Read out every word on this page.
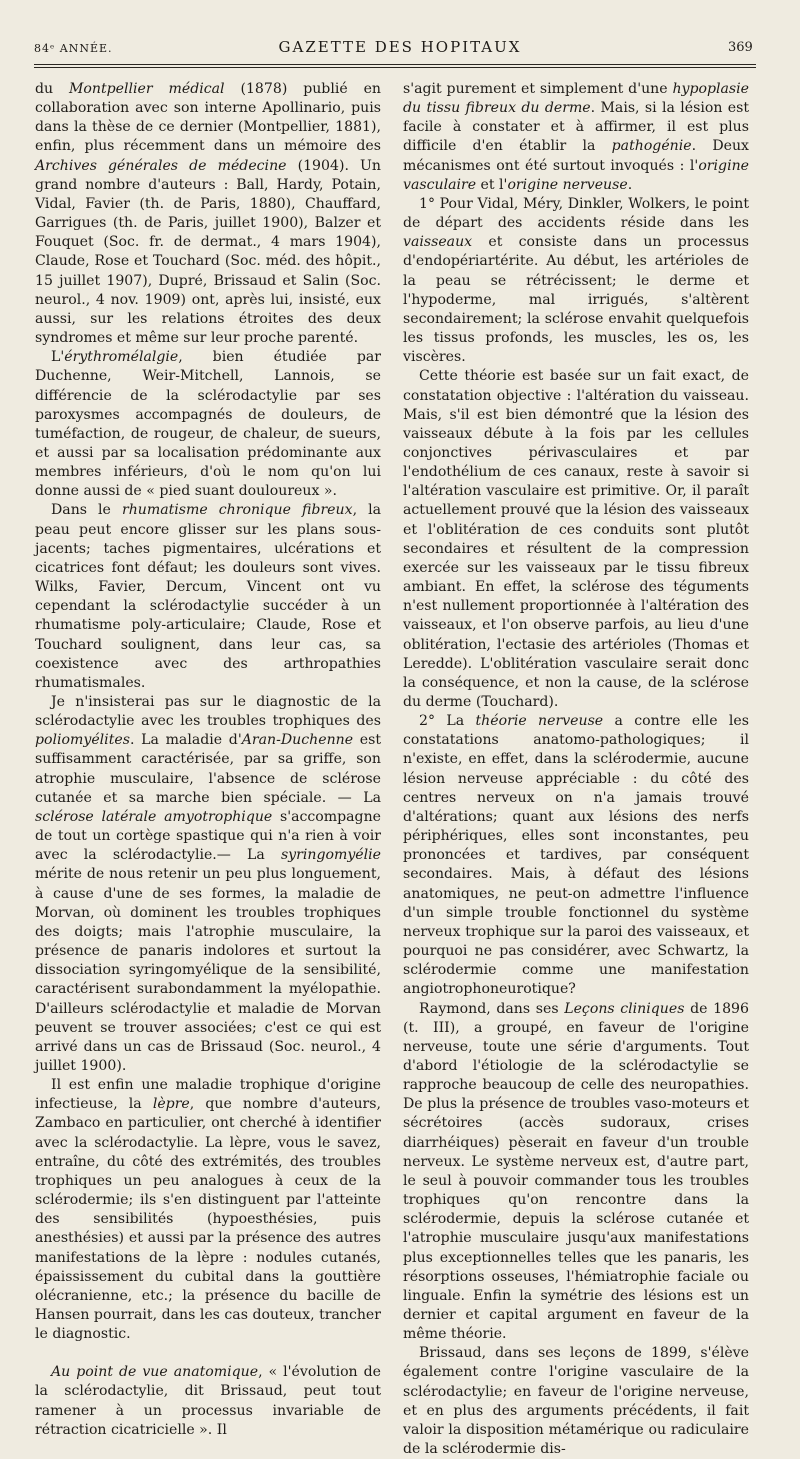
84ᵉ ANNÉE.	GAZETTE DES HOPITAUX	369

du Montpellier médical (1878) publié en collaboration avec son interne Apollinario, puis dans la thèse de ce dernier (Montpellier, 1881), enfin, plus récemment dans un mémoire des Archives générales de médecine (1904). Un grand nombre d'auteurs : Ball, Hardy, Potain, Vidal, Favier (th. de Paris, 1880), Chauffard, Garrigues (th. de Paris, juillet 1900), Balzer et Fouquet (Soc. fr. de dermat., 4 mars 1904), Claude, Rose et Touchard (Soc. méd. des hôpit., 15 juillet 1907), Dupré, Brissaud et Salin (Soc. neurol., 4 nov. 1909) ont, après lui, insisté, eux aussi, sur les relations étroites des deux syndromes et même sur leur proche parenté.

L'érythromélalgie, bien étudiée par Duchenne, Weir-Mitchell, Lannois, se différencie de la sclérodactylie par ses paroxysmes accompagnés de douleurs, de tuméfaction, de rougeur, de chaleur, de sueurs, et aussi par sa localisation prédominante aux membres inférieurs, d'où le nom qu'on lui donne aussi de « pied suant douloureux ».

Dans le rhumatisme chronique fibreux, la peau peut encore glisser sur les plans sous-jacents; taches pigmentaires, ulcérations et cicatrices font défaut; les douleurs sont vives. Wilks, Favier, Dercum, Vincent ont vu cependant la sclérodactylie succéder à un rhumatisme poly-articulaire; Claude, Rose et Touchard soulignent, dans leur cas, sa coexistence avec des arthropathies rhumatismales.

Je n'insisterai pas sur le diagnostic de la sclérodactylie avec les troubles trophiques des poliomyélites. La maladie d'Aran-Duchenne est suffisamment caractérisée, par sa griffe, son atrophie musculaire, l'absence de sclérose cutanée et sa marche bien spéciale. — La sclérose latérale amyotrophique s'accompagne de tout un cortège spastique qui n'a rien à voir avec la sclérodactylie.— La syringomyélie mérite de nous retenir un peu plus longuement, à cause d'une de ses formes, la maladie de Morvan, où dominent les troubles trophiques des doigts; mais l'atrophie musculaire, la présence de panaris indolores et surtout la dissociation syringomyélique de la sensibilité, caractérisent surabondamment la myélopathie. D'ailleurs sclérodactylie et maladie de Morvan peuvent se trouver associées; c'est ce qui est arrivé dans un cas de Brissaud (Soc. neurol., 4 juillet 1900).

Il est enfin une maladie trophique d'origine infectieuse, la lèpre, que nombre d'auteurs, Zambaco en particulier, ont cherché à identifier avec la sclérodactylie. La lèpre, vous le savez, entraîne, du côté des extrémités, des troubles trophiques un peu analogues à ceux de la sclérodermie; ils s'en distinguent par l'atteinte des sensibilités (hypoesthésies, puis anesthésies) et aussi par la présence des autres manifestations de la lèpre : nodules cutanés, épaississement du cubital dans la gouttière olécranienne, etc.; la présence du bacille de Hansen pourrait, dans les cas douteux, trancher le diagnostic.

Au point de vue anatomique, « l'évolution de la sclérodactylie, dit Brissaud, peut tout ramener à un processus invariable de rétraction cicatricielle ». Il

s'agit purement et simplement d'une hypoplasie du tissu fibreux du derme. Mais, si la lésion est facile à constater et à affirmer, il est plus difficile d'en établir la pathogénie. Deux mécanismes ont été surtout invoqués : l'origine vasculaire et l'origine nerveuse.

1° Pour Vidal, Méry, Dinkler, Wolkers, le point de départ des accidents réside dans les vaisseaux et consiste dans un processus d'endopériartérite. Au début, les artérioles de la peau se rétrécissent; le derme et l'hypoderme, mal irrigués, s'altèrent secondairement; la sclérose envahit quelquefois les tissus profonds, les muscles, les os, les viscères.

Cette théorie est basée sur un fait exact, de constatation objective : l'altération du vaisseau. Mais, s'il est bien démontré que la lésion des vaisseaux débute à la fois par les cellules conjonctives périvasculaires et par l'endothélium de ces canaux, reste à savoir si l'altération vasculaire est primitive. Or, il paraît actuellement prouvé que la lésion des vaisseaux et l'oblitération de ces conduits sont plutôt secondaires et résultent de la compression exercée sur les vaisseaux par le tissu fibreux ambiant. En effet, la sclérose des téguments n'est nullement proportionnée à l'altération des vaisseaux, et l'on observe parfois, au lieu d'une oblitération, l'ectasie des artérioles (Thomas et Leredde). L'oblitération vasculaire serait donc la conséquence, et non la cause, de la sclérose du derme (Touchard).

2° La théorie nerveuse a contre elle les constatations anatomo-pathologiques; il n'existe, en effet, dans la sclérodermie, aucune lésion nerveuse appréciable : du côté des centres nerveux on n'a jamais trouvé d'altérations; quant aux lésions des nerfs périphériques, elles sont inconstantes, peu prononcées et tardives, par conséquent secondaires. Mais, à défaut des lésions anatomiques, ne peut-on admettre l'influence d'un simple trouble fonctionnel du système nerveux trophique sur la paroi des vaisseaux, et pourquoi ne pas considérer, avec Schwartz, la sclérodermie comme une manifestation angiotrophoneurotique?

Raymond, dans ses Leçons cliniques de 1896 (t. III), a groupé, en faveur de l'origine nerveuse, toute une série d'arguments. Tout d'abord l'étiologie de la sclérodactylie se rapproche beaucoup de celle des neuropathies. De plus la présence de troubles vaso-moteurs et sécrétoires (accès sudoraux, crises diarrhéiques) pèserait en faveur d'un trouble nerveux. Le système nerveux est, d'autre part, le seul à pouvoir commander tous les troubles trophiques qu'on rencontre dans la sclérodermie, depuis la sclérose cutanée et l'atrophie musculaire jusqu'aux manifestations plus exceptionnelles telles que les panaris, les résorptions osseuses, l'hémiatrophie faciale ou linguale. Enfin la symétrie des lésions est un dernier et capital argument en faveur de la même théorie.

Brissaud, dans ses leçons de 1899, s'élève également contre l'origine vasculaire de la sclérodactylie; en faveur de l'origine nerveuse, et en plus des arguments précédents, il fait valoir la disposition métamérique ou radiculaire de la sclérodermie dis-
